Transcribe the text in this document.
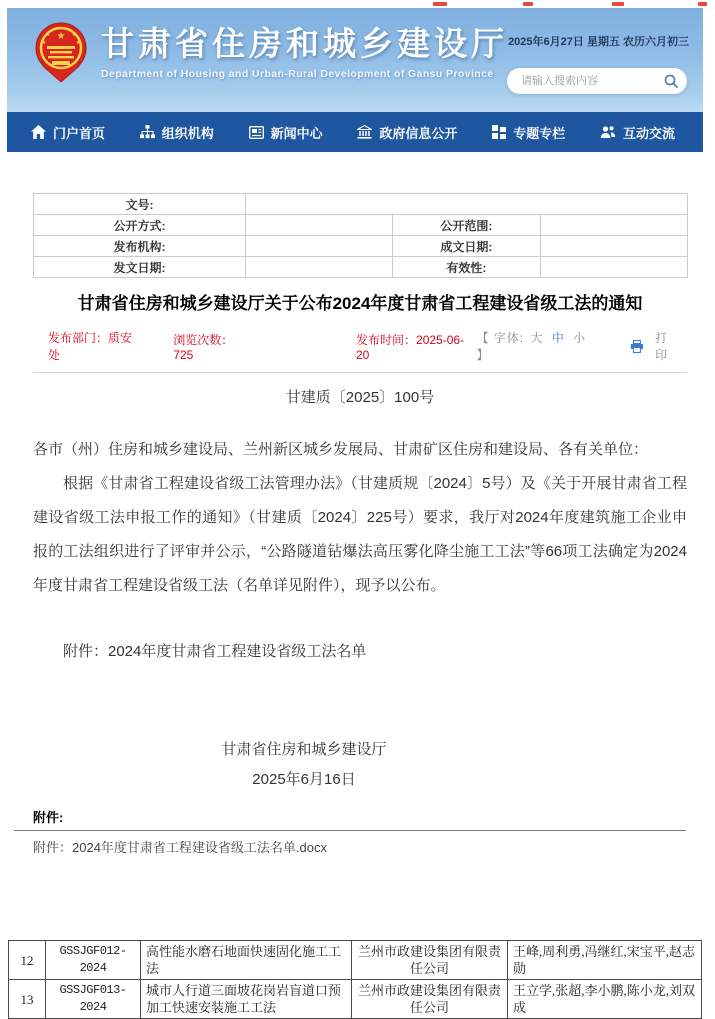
★
★	★
★	★ 甘肃省住房和城乡建设厅
Department of Housing and Urban-Rural Development of Gansu Province
2025年6月27日 星期五 农历六月初三
请输入搜索内容
门户首页	组织机构	新闻中心	政府信息公开	专题专栏	互动交流
文号:			
公开方式:		公开范围:	
发布机构:		成文日期:	
发文日期:		有效性:	
甘肃省住房和城乡建设厅关于公布2024年度甘肃省工程建设省级工法的通知
发布部门：质安处
浏览次数： 725
发布时间：2025-06-20
【 字体: 大 中 小 】
打印
甘建质〔2025〕100号

各市（州）住房和城乡建设局、兰州新区城乡发展局、甘肃矿区住房和建设局、各有关单位：

根据《甘肃省工程建设省级工法管理办法》（甘建质规〔2024〕5号）及《关于开展甘肃省工程建设省级工法申报工作的通知》（甘建质〔2024〕225号）要求，我厅对2024年度建筑施工企业申报的工法组织进行了评审并公示，“公路隧道钻爆法高压雾化降尘施工工法”等66项工法确定为2024年度甘肃省工程建设省级工法（名单详见附件），现予以公布。

附件：2024年度甘肃省工程建设省级工法名单

甘肃省住房和城乡建设厅
2025年6月16日
附件:
附件：2024年度甘肃省工程建设省级工法名单.docx
12	GSSJGF012-2024	高性能水磨石地面快速固化施工工法	兰州市政建设集团有限责任公司	王峰,周利勇,冯继红,宋宝平,赵志勋
13	GSSJGF013-2024	城市人行道三面坡花岗岩盲道口预加工快速安装施工工法	兰州市政建设集团有限责任公司	王立学,张超,李小鹏,陈小龙,刘双成
